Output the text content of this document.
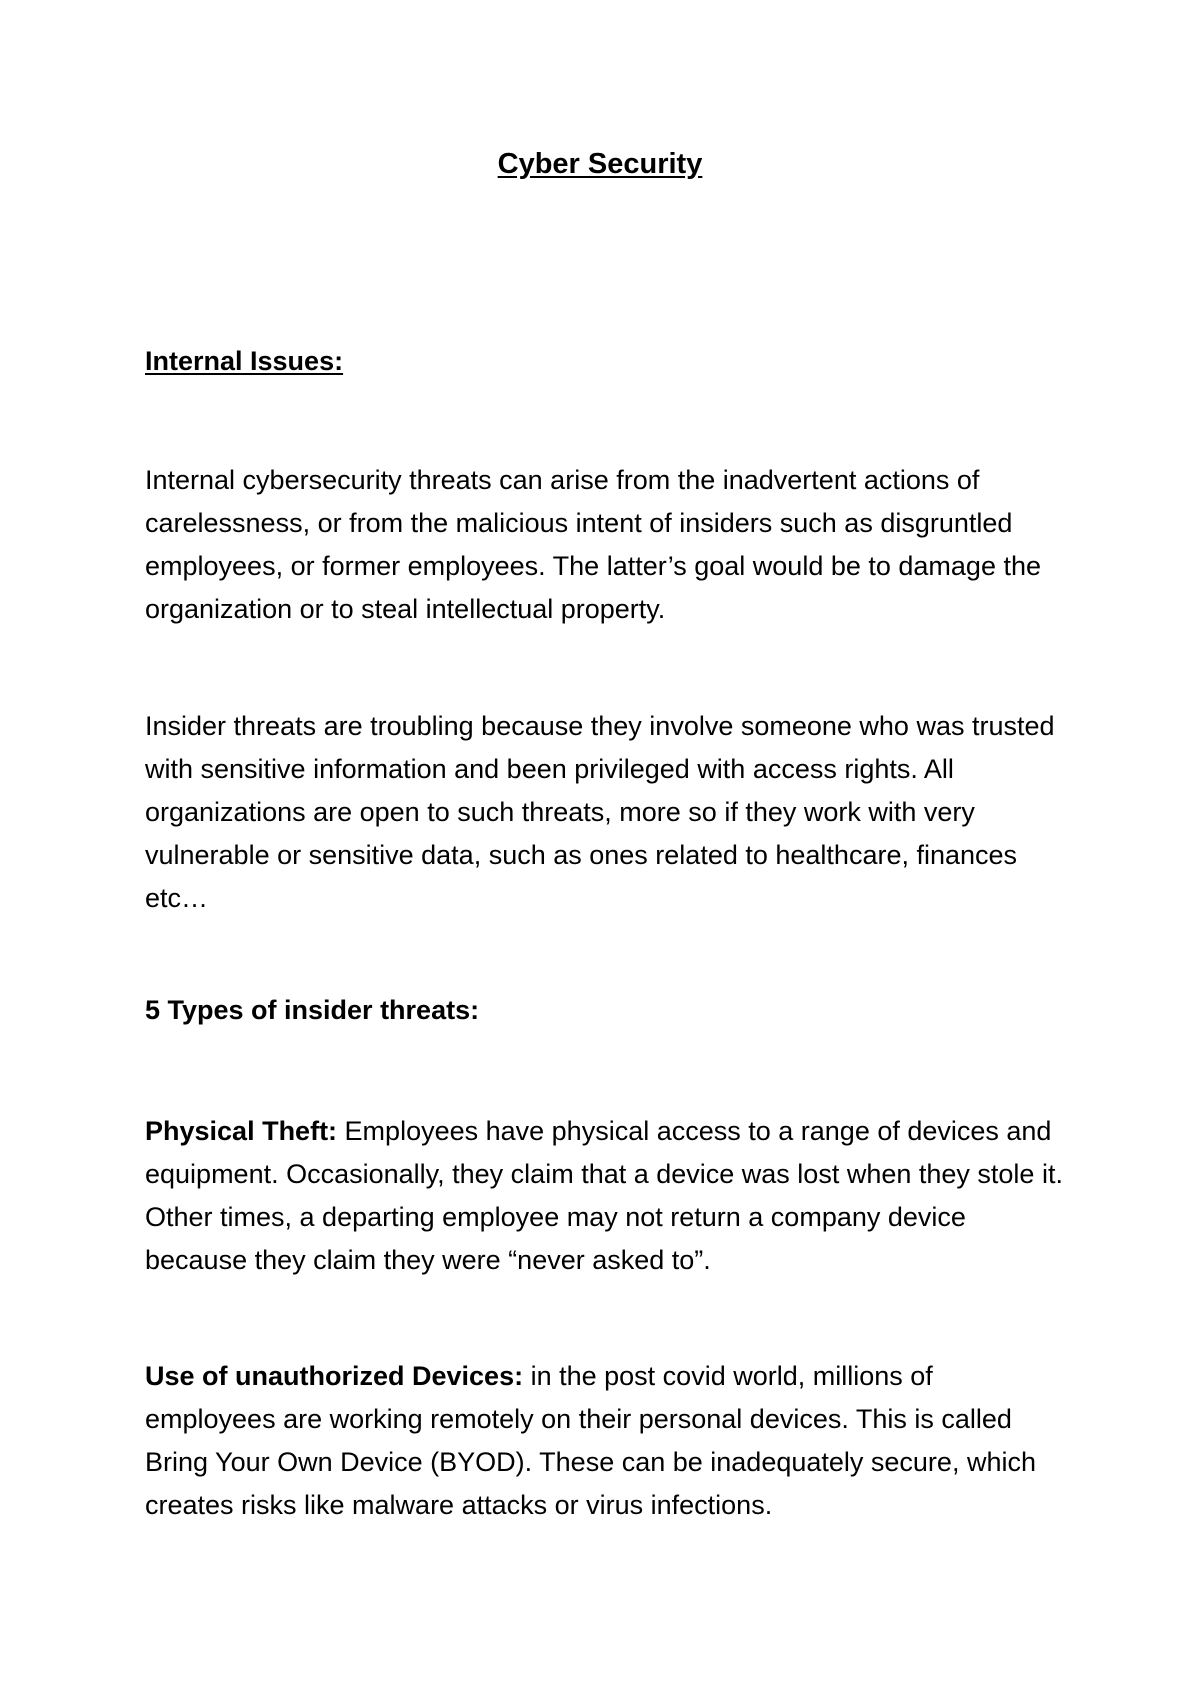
Cyber Security
Internal Issues:

Internal cybersecurity threats can arise from the inadvertent actions of carelessness, or from the malicious intent of insiders such as disgruntled employees, or former employees. The latter’s goal would be to damage the organization or to steal intellectual property.

Insider threats are troubling because they involve someone who was trusted with sensitive information and been privileged with access rights. All organizations are open to such threats, more so if they work with very vulnerable or sensitive data, such as ones related to healthcare, finances etc…

5 Types of insider threats:

Physical Theft: Employees have physical access to a range of devices and equipment. Occasionally, they claim that a device was lost when they stole it. Other times, a departing employee may not return a company device because they claim they were “never asked to”.

Use of unauthorized Devices: in the post covid world, millions of employees are working remotely on their personal devices. This is called Bring Your Own Device (BYOD). These can be inadequately secure, which creates risks like malware attacks or virus infections.
